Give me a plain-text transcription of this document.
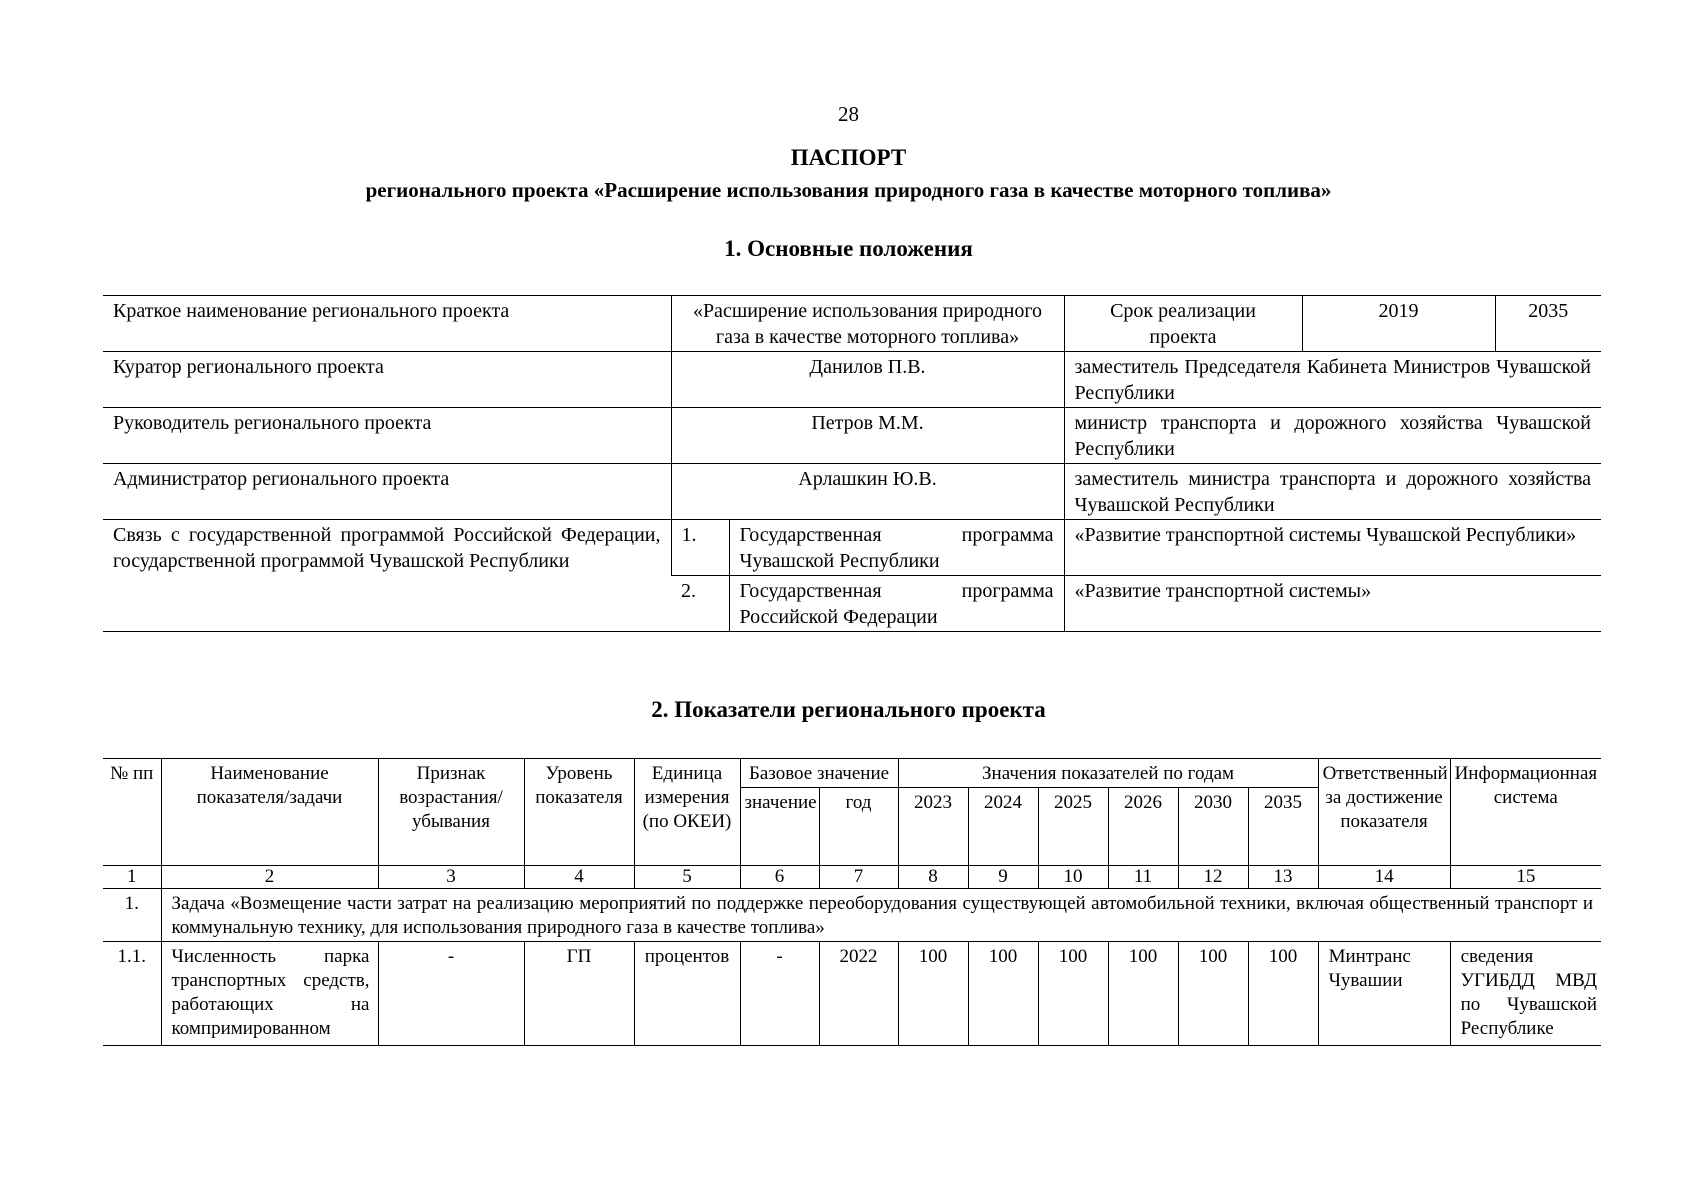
28
ПАСПОРТ
регионального проекта «Расширение использования природного газа в качестве моторного топлива»
1. Основные положения
Краткое наименование регионального проекта	«Расширение использования природного газа в качестве моторного топлива»		Срок реализации проекта	2019	2035
Куратор регионального проекта	Данилов П.В.		заместитель Председателя Кабинета Министров Чувашской Республики		
Руководитель регионального проекта	Петров М.М.		министр транспорта и дорожного хозяйства Чувашской Республики		
Администратор регионального проекта	Арлашкин Ю.В.		заместитель министра транспорта и дорожного хозяйства Чувашской Республики		
Связь с государственной программой Российской Федерации, государственной программой Чувашской Республики	1.	Государственная программа Чувашской Республики	«Развитие транспортной системы Чувашской Республики»		
	2.	Государственная программа Российской Федерации	«Развитие транспортной системы»		
2. Показатели регионального проекта
№ пп	Наименование показателя/задачи	Признак возрастания/убывания	Уровень показателя	Единица измерения (по ОКЕИ)	Базовое значение		Значения показателей по годам						Ответственный за достижение показателя	Информационная система
					значение	год	2023	2024	2025	2026	2030	2035		
1	2	3	4	5	6	7	8	9	10	11	12	13	14	15
1.	Задача «Возмещение части затрат на реализацию мероприятий по поддержке переоборудования существующей автомобильной техники, включая общественный транспорт и коммунальную технику, для использования природного газа в качестве топлива»													
1.1.	Численность парка транспортных средств, работающих на компримированном	-	ГП	процентов	-	2022	100	100	100	100	100	100	Минтранс Чувашии	сведения УГИБДД МВД по Чувашской Республике
